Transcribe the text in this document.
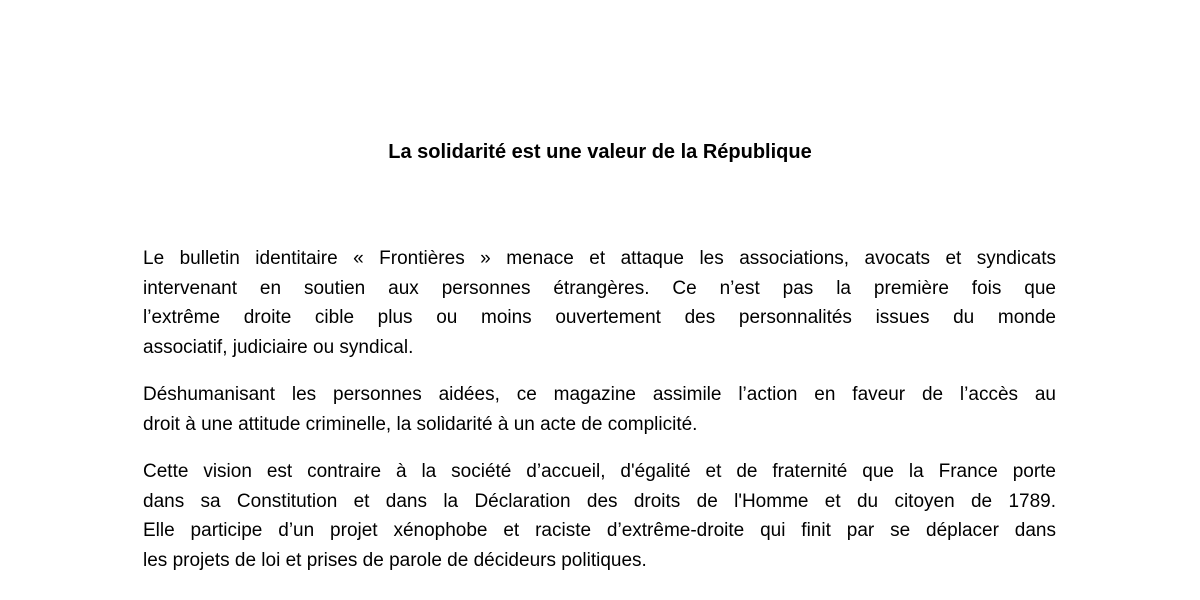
La solidarité est une valeur de la République
Le bulletin identitaire « Frontières » menace et attaque les associations, avocats et syndicats
intervenant en soutien aux personnes étrangères. Ce n’est pas la première fois que
l’extrême droite cible plus ou moins ouvertement des personnalités issues du monde
associatif, judiciaire ou syndical.
Déshumanisant les personnes aidées, ce magazine assimile l’action en faveur de l’accès au
droit à une attitude criminelle, la solidarité à un acte de complicité.
Cette vision est contraire à la société d’accueil, d'égalité et de fraternité que la France porte
dans sa Constitution et dans la Déclaration des droits de l'Homme et du citoyen de 1789.
Elle participe d’un projet xénophobe et raciste d’extrême-droite qui finit par se déplacer dans
les projets de loi et prises de parole de décideurs politiques.
